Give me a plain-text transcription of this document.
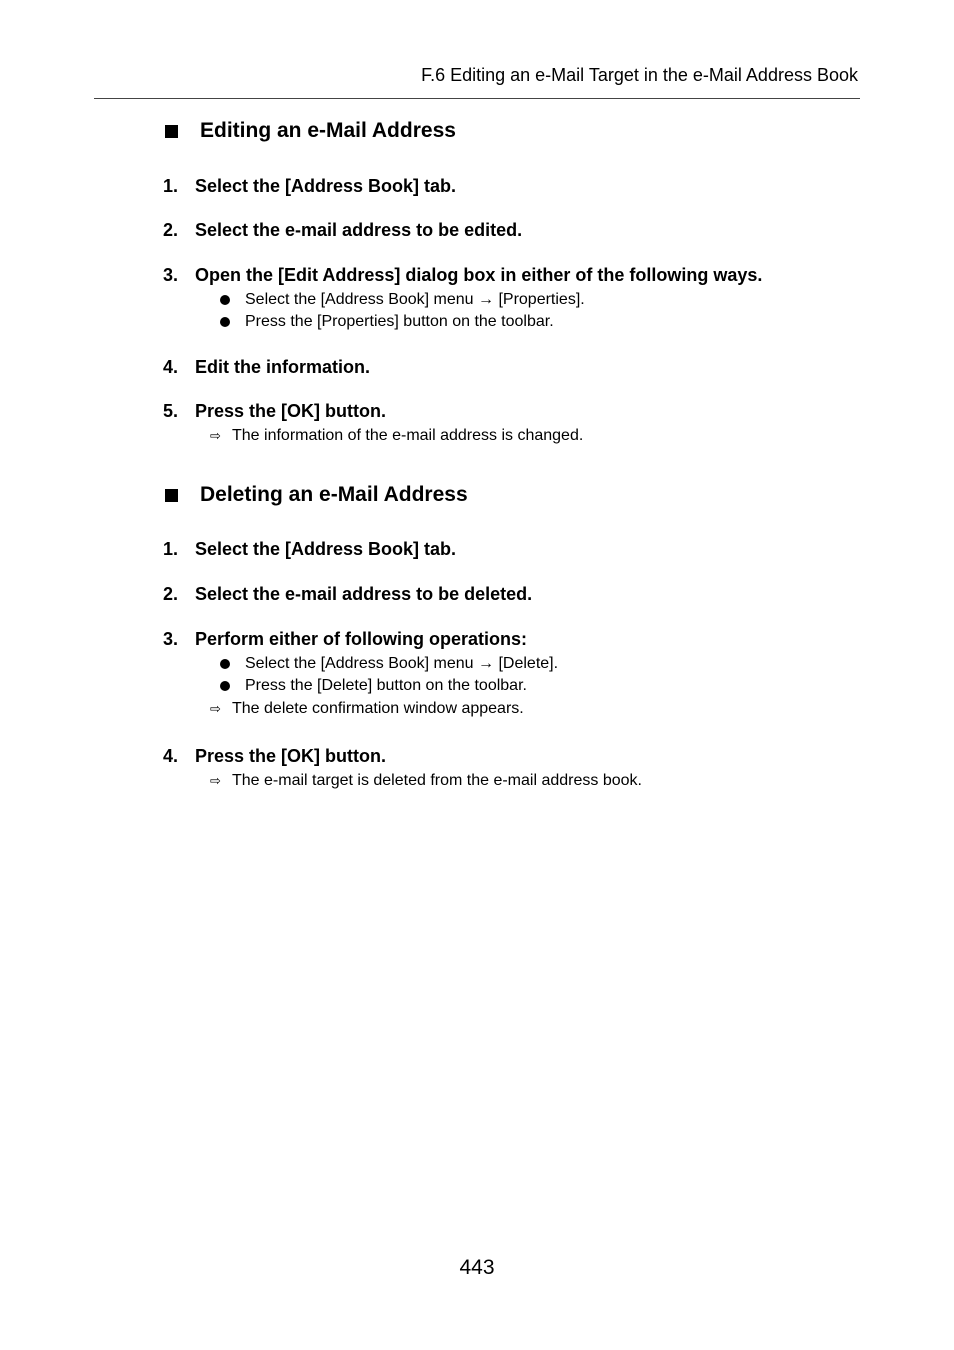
F.6 Editing an e-Mail Target in the e-Mail Address Book
Editing an e-Mail Address
1. Select the [Address Book] tab.
2. Select the e-mail address to be edited.
3. Open the [Edit Address] dialog box in either of the following ways.
Select the [Address Book] menu → [Properties].
Press the [Properties] button on the toolbar.
4. Edit the information.
5. Press the [OK] button.
⇨ The information of the e-mail address is changed.
Deleting an e-Mail Address
1. Select the [Address Book] tab.
2. Select the e-mail address to be deleted.
3. Perform either of following operations:
Select the [Address Book] menu → [Delete].
Press the [Delete] button on the toolbar.
⇨ The delete confirmation window appears.
4. Press the [OK] button.
⇨ The e-mail target is deleted from the e-mail address book.
443
